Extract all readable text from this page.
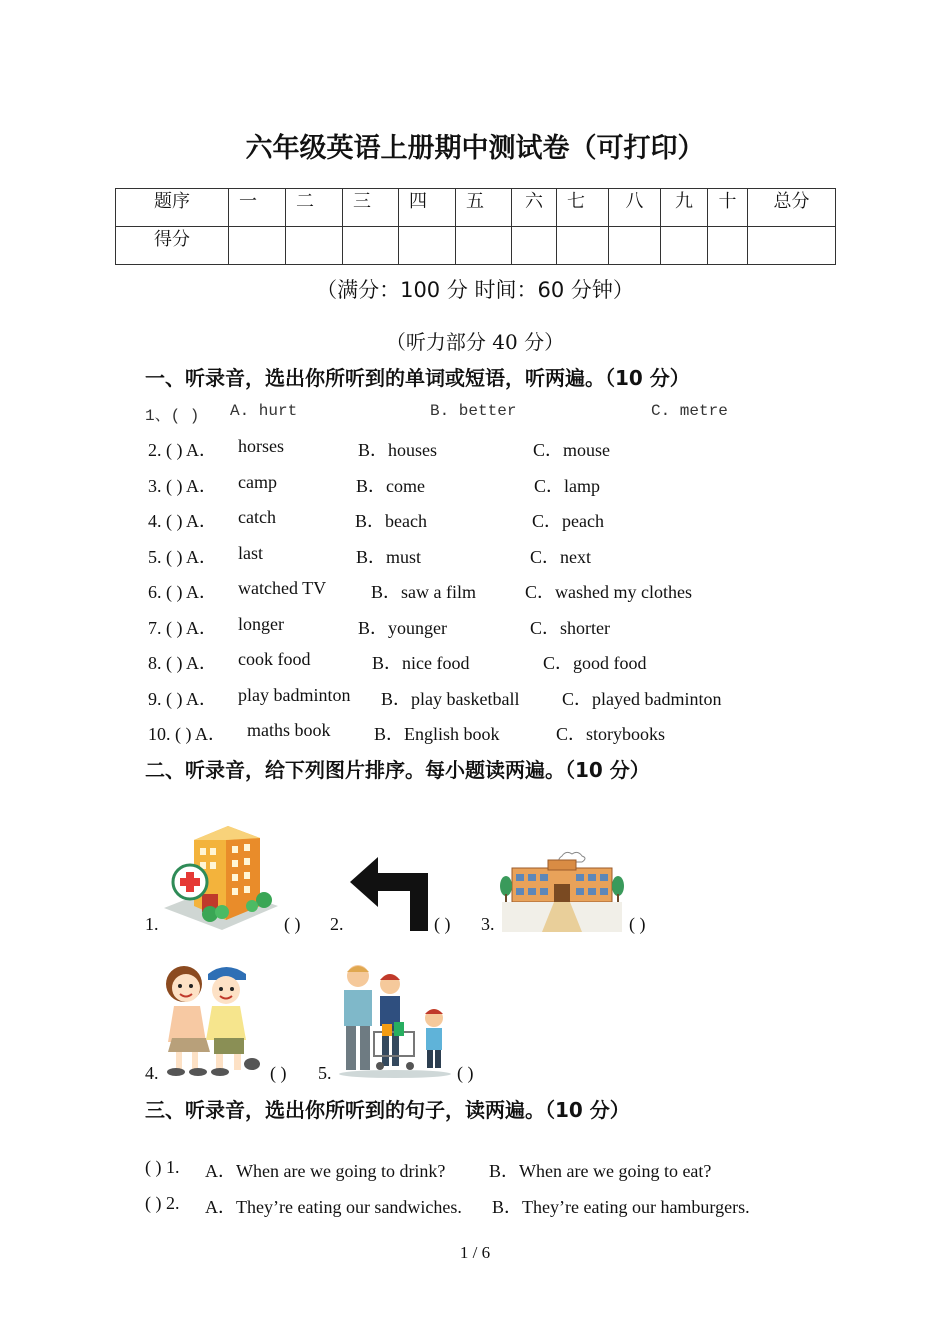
六年级英语上册期中测试卷（可打印）
题序	一	二	三	四	五	六	七	八	九	十	总分
得分											
（满分：100 分 时间：60 分钟）
（听力部分 40 分）
一、听录音，选出你所听到的单词或短语，听两遍。（10 分）
1、( ) A. hurt	B. better	C. metre
2. ( ) A． horses	B．houses	C．mouse
3. ( ) A． camp	B．come	C．lamp
4. ( ) A． catch	B．beach	C．peach
5. ( ) A． last	B．must	C．next
6. ( ) A． watched TV B．saw a film	C．washed my clothes
7. ( ) A． longer	B．younger	C．shorter
8. ( ) A． cook food	B．nice food	C．good food
9. ( ) A． play badminton B．play basketball C．played badminton
10. ( ) A． maths book B．English book	C．storybooks
二、听录音，给下列图片排序。每小题读两遍。（10 分）
1.	( ) 2.	( ) 3.	( )
4.	( ) 5.	( )
三、听录音，选出你所听到的句子，读两遍。（10 分）
( ) 1. A．When are we going to drink? B．When are we going to eat?
( ) 2. A．They’re eating our sandwiches. B．They’re eating our hamburgers.
1 / 6
